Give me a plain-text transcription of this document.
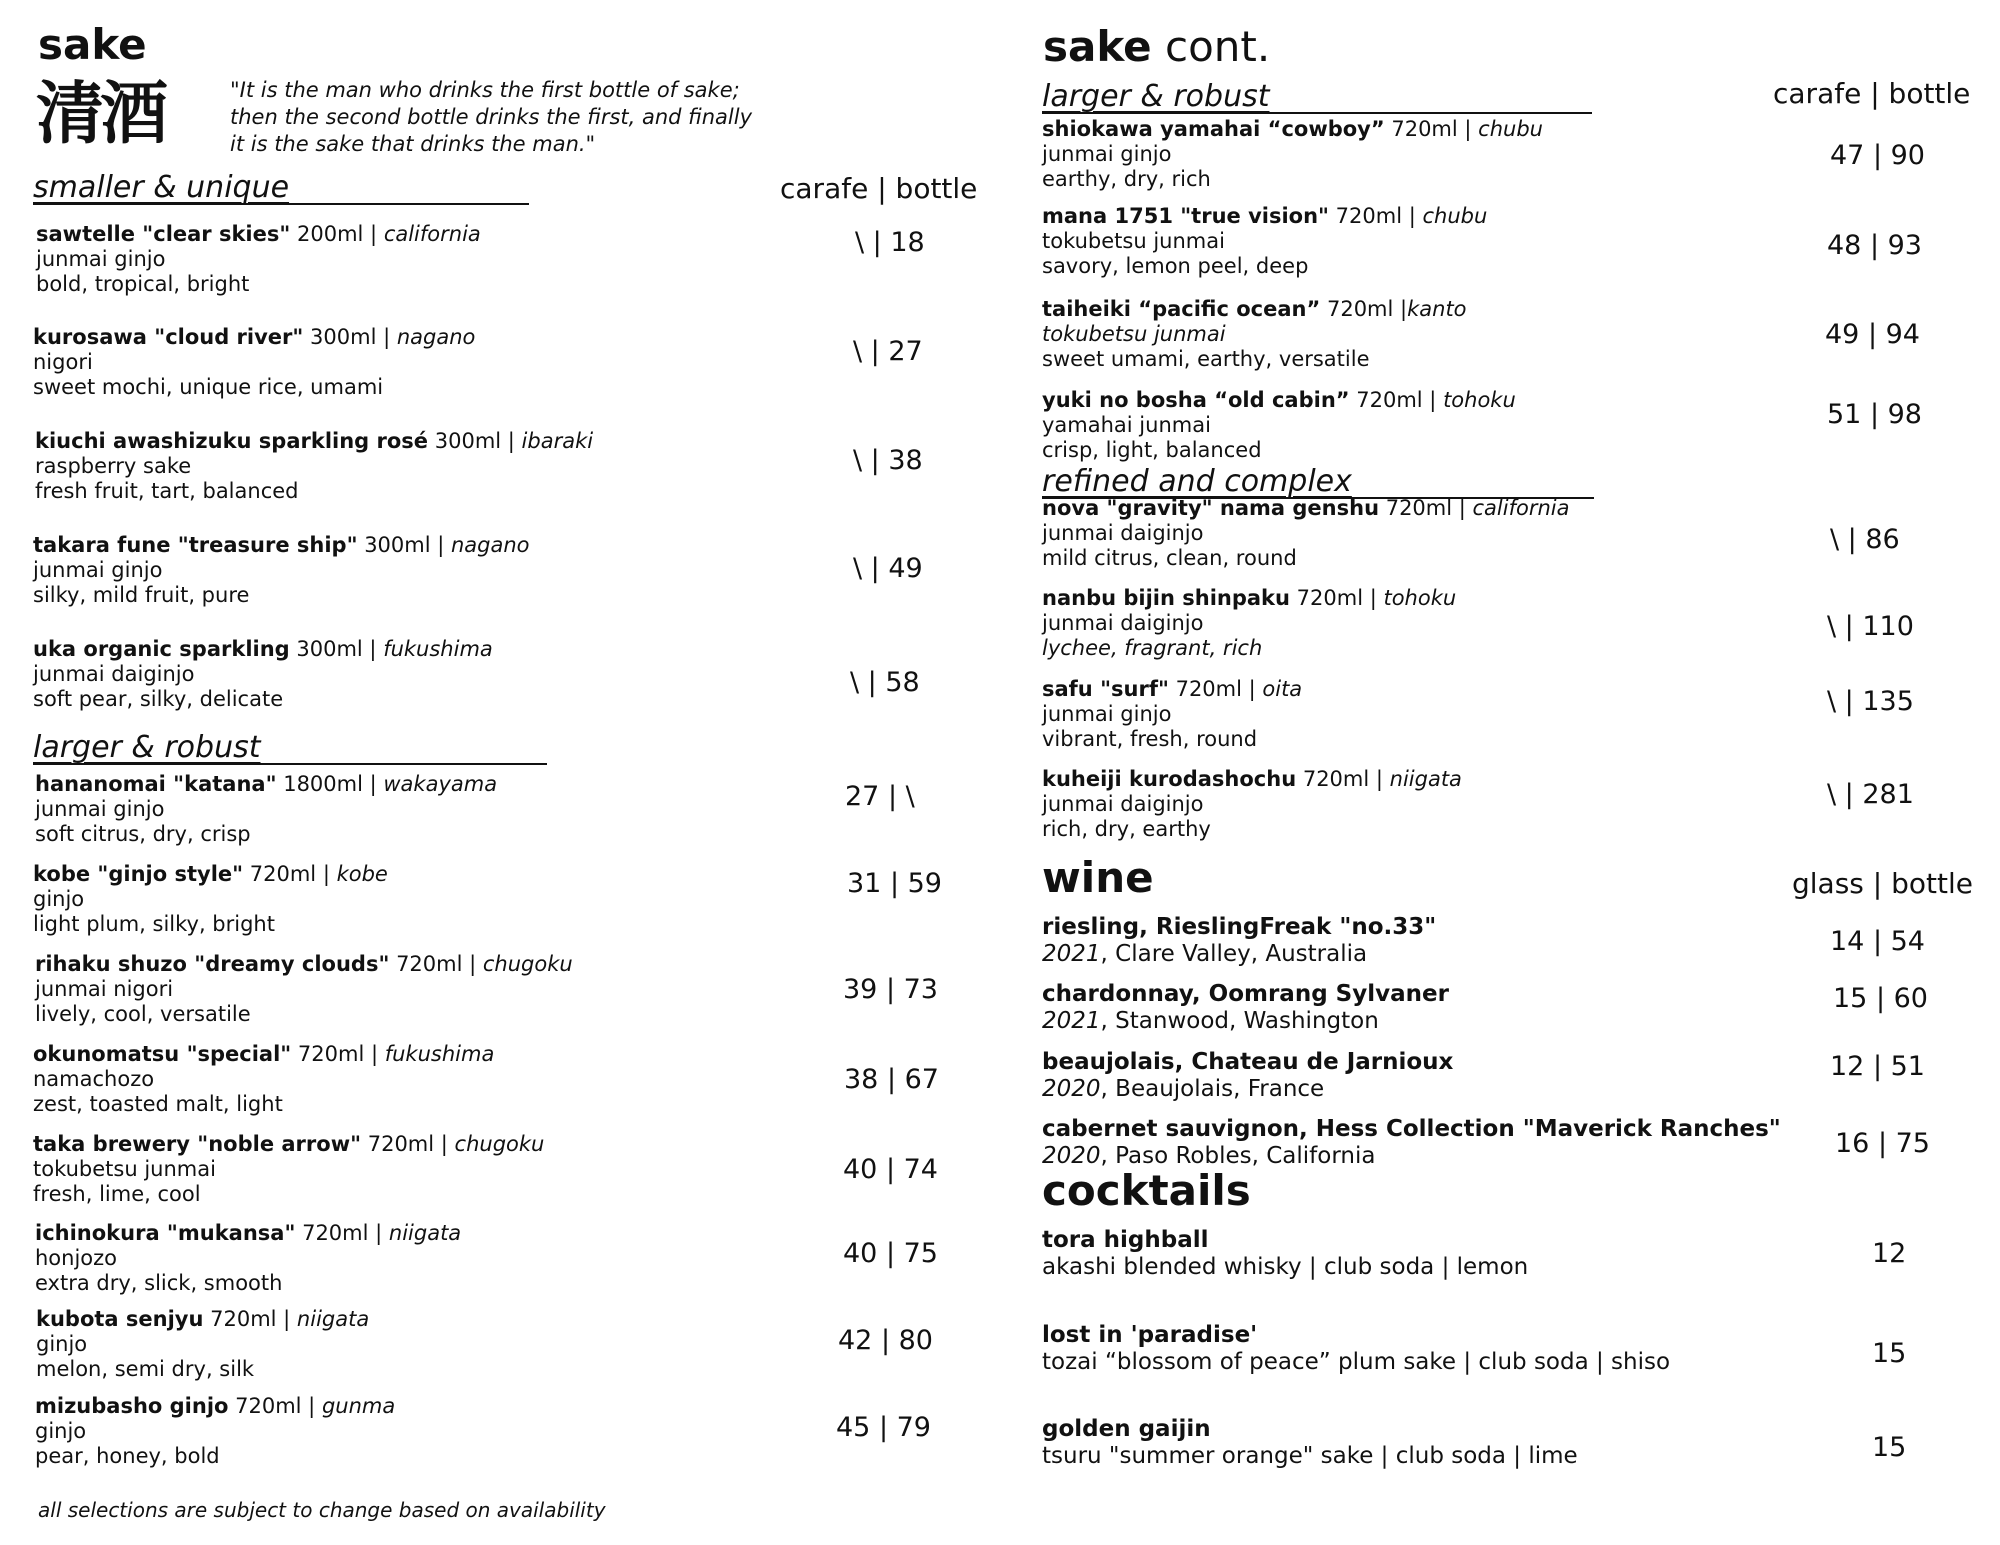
sake
清酒	"It is the man who drinks the first bottle of sake; then the second bottle drinks the first, and finally it is the sake that drinks the man."
smaller & unique	carafe | bottle
sawtelle "clear skies" 200ml | california
junmai ginjo
bold, tropical, bright
\ | 18
kurosawa "cloud river" 300ml | nagano
nigori
sweet mochi, unique rice, umami
\ | 27
kiuchi awashizuku sparkling rosé 300ml | ibaraki
raspberry sake
fresh fruit, tart, balanced
\ | 38
takara fune "treasure ship" 300ml | nagano
junmai ginjo
silky, mild fruit, pure
\ | 49
uka organic sparkling 300ml | fukushima
junmai daiginjo
soft pear, silky, delicate
\ | 58
larger & robust
hananomai "katana" 1800ml | wakayama
junmai ginjo
soft citrus, dry, crisp
27 | \
kobe "ginjo style" 720ml | kobe
ginjo
light plum, silky, bright
31 | 59
rihaku shuzo "dreamy clouds" 720ml | chugoku
junmai nigori
lively, cool, versatile
39 | 73
okunomatsu "special" 720ml | fukushima
namachozo
zest, toasted malt, light
38 | 67
taka brewery "noble arrow" 720ml | chugoku
tokubetsu junmai
fresh, lime, cool
40 | 74
ichinokura "mukansa" 720ml | niigata
honjozo
extra dry, slick, smooth
40 | 75
kubota senjyu 720ml | niigata
ginjo
melon, semi dry, silk
42 | 80
mizubasho ginjo 720ml | gunma
ginjo
pear, honey, bold
45 | 79
all selections are subject to change based on availability
sake cont.
larger & robust	carafe | bottle
shiokawa yamahai “cowboy” 720ml | chubu
junmai ginjo
earthy, dry, rich
47 | 90
mana 1751 "true vision" 720ml | chubu
tokubetsu junmai
savory, lemon peel, deep
48 | 93
taiheiki “pacific ocean” 720ml |kanto
tokubetsu junmai
sweet umami, earthy, versatile
49 | 94
yuki no bosha “old cabin” 720ml | tohoku
yamahai junmai
crisp, light, balanced
51 | 98
refined and complex
nova "gravity" nama genshu 720ml | california
junmai daiginjo
mild citrus, clean, round
\ | 86
nanbu bijin shinpaku 720ml | tohoku
junmai daiginjo
lychee, fragrant, rich
\ | 110
safu "surf" 720ml | oita
junmai ginjo
vibrant, fresh, round
\ | 135
kuheiji kurodashochu 720ml | niigata
junmai daiginjo
rich, dry, earthy
\ | 281
wine	glass | bottle
riesling, RieslingFreak "no.33"
2021, Clare Valley, Australia	14 | 54
chardonnay, Oomrang Sylvaner
2021, Stanwood, Washington
15 | 60
beaujolais, Chateau de Jarnioux
2020, Beaujolais, France
12 | 51
cabernet sauvignon, Hess Collection "Maverick Ranches"
2020, Paso Robles, California	16 | 75
cocktails
tora highball
akashi blended whisky | club soda | lemon	12
lost in 'paradise'
tozai “blossom of peace” plum sake | club soda | shiso	15
golden gaijin
tsuru "summer orange" sake | club soda | lime	15
